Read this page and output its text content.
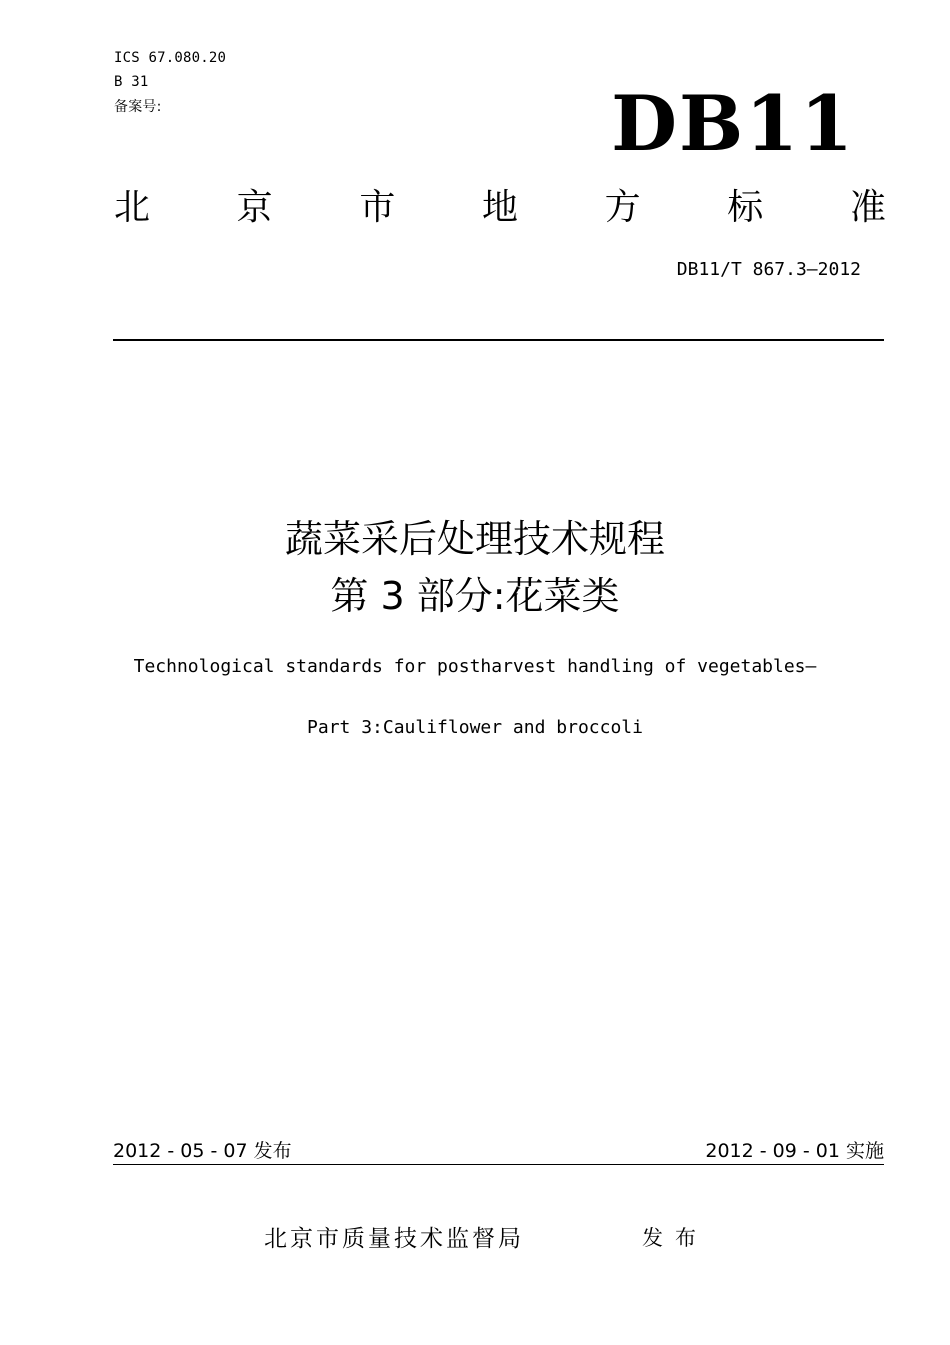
ICS 67.080.20
B 31
备案号:	DB11
北 京 市 地 方 标 准
DB11/T 867.3—2012
蔬菜采后处理技术规程
第 3 部分:花菜类
Technological standards for postharvest handling of vegetables—
Part 3:Cauliflower and broccoli
2012 - 05 - 07 发布	2012 - 09 - 01 实施
北京市质量技术监督局	发布
